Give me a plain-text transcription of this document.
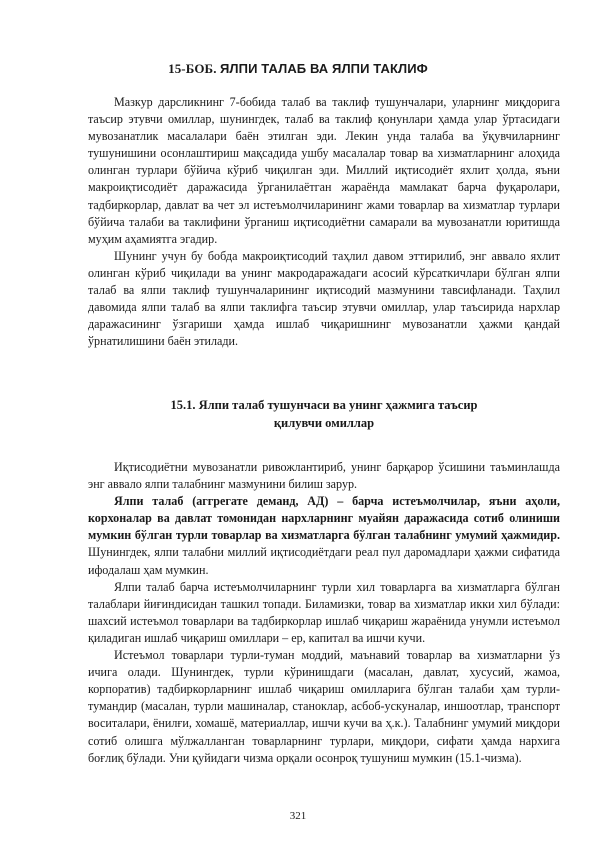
15-БОБ. ЯЛПИ ТАЛАБ ВА ЯЛПИ ТАКЛИФ

Мазкур дарсликнинг 7-бобида талаб ва таклиф тушунчалари, уларнинг миқдорига таъсир этувчи омиллар, шунингдек, талаб ва таклиф қонунлари ҳамда улар ўртасидаги мувозанатлик масалалари баён этилган эди. Лекин унда талаба ва ўқувчиларнинг тушунишини осонлаштириш мақсадида ушбу масалалар товар ва хизматларнинг алоҳида олинган турлари бўйича кўриб чиқилган эди. Миллий иқтисодиёт яхлит ҳолда, яъни макроиқтисодиёт даражасида ўрганилаётган жараёнда мамлакат барча фуқаролари, тадбиркорлар, давлат ва чет эл истеъмолчиларининг жами товарлар ва хизматлар турлари бўйича талаби ва таклифини ўрганиш иқтисодиётни самарали ва мувозанатли юритишда муҳим аҳамиятга эгадир.

Шунинг учун бу бобда макроиқтисодий таҳлил давом эттирилиб, энг аввало яхлит олинган кўриб чиқилади ва унинг макродаражадаги асосий кўрсаткичлари бўлган ялпи талаб ва ялпи таклиф тушунчаларининг иқтисодий мазмунини тавсифланади. Таҳлил давомида ялпи талаб ва ялпи таклифга таъсир этувчи омиллар, улар таъсирида нархлар даражасининг ўзгариши ҳамда ишлаб чиқаришнинг мувозанатли ҳажми қандай ўрнатилишини баён этилади.

15.1. Ялпи талаб тушунчаси ва унинг ҳажмига таъсир
қилувчи омиллар

Иқтисодиётни мувозанатли ривожлантириб, унинг барқарор ўсишини таъминлашда энг аввало ялпи талабнинг мазмунини билиш зарур.

Ялпи талаб (аггрегате деманд, АД) – барча истеъмолчилар, яъни аҳоли, корхоналар ва давлат томонидан нархларнинг муайян даражасида сотиб олиниши мумкин бўлган турли товарлар ва хизматларга бўлган талабнинг умумий ҳажмидир. Шунингдек, ялпи талабни миллий иқтисодиётдаги реал пул даромадлари ҳажми сифатида ифодалаш ҳам мумкин.

Ялпи талаб барча истеъмолчиларнинг турли хил товарларга ва хизматларга бўлган талаблари йиғиндисидан ташкил топади. Биламизки, товар ва хизматлар икки хил бўлади: шахсий истеъмол товарлари ва тадбиркорлар ишлаб чиқариш жараёнида унумли истеъмол қиладиган ишлаб чиқариш омиллари – ер, капитал ва ишчи кучи.

Истеъмол товарлари турли-туман моддий, маънавий товарлар ва хизматларни ўз ичига олади. Шунингдек, турли кўринишдаги (масалан, давлат, хусусий, жамоа, корпоратив) тадбиркорларнинг ишлаб чиқариш омилларига бўлган талаби ҳам турли-тумандир (масалан, турли машиналар, станоклар, асбоб-ускуналар, иншоотлар, транспорт воситалари, ёнилғи, хомашё, материаллар, ишчи кучи ва ҳ.к.). Талабнинг умумий миқдори сотиб олишга мўлжалланган товарларнинг турлари, миқдори, сифати ҳамда нархига боғлиқ бўлади. Уни қуйидаги чизма орқали осонроқ тушуниш мумкин (15.1-чизма).

321
